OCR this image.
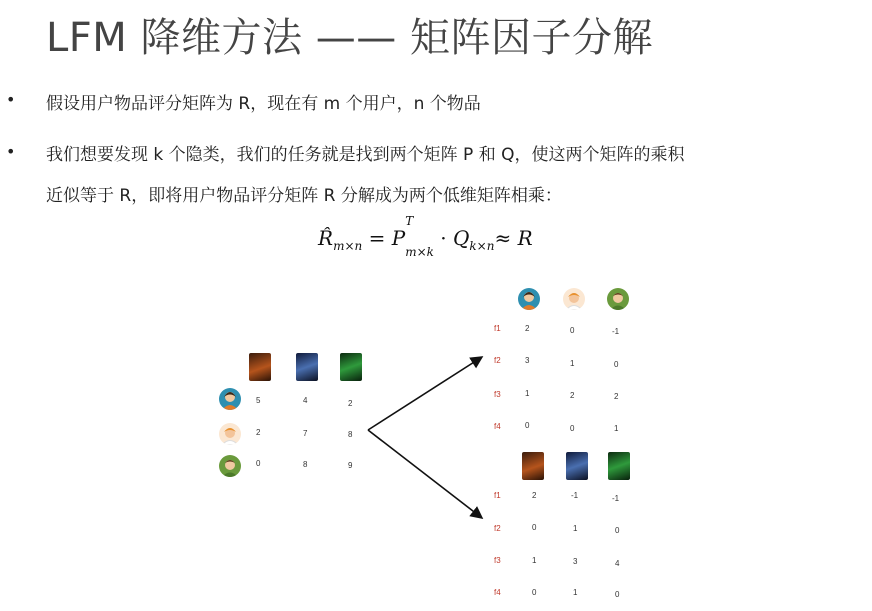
LFM 降维方法 —— 矩阵因子分解
• 假设用户物品评分矩阵为 R，现在有 m 个用户，n 个物品
• 我们想要发现 k 个隐类，我们的任务就是找到两个矩阵 P 和 Q，使这两个矩阵的乘积
近似等于 R，即将用户物品评分矩阵 R 分解成为两个低维矩阵相乘：
$R̂_{m\times n} = P$
T
$_{m\times k} \cdot Q_{k\times n}\approx R$
5	4	2
2	7	8
0	8	9
f1
f2
f3
f4
2	0	-1
3	1	0
1	2	2
0	0	1
f1
f2
f3
f4
2	-1	-1
0	1	0
1	3	4
0	1	0
